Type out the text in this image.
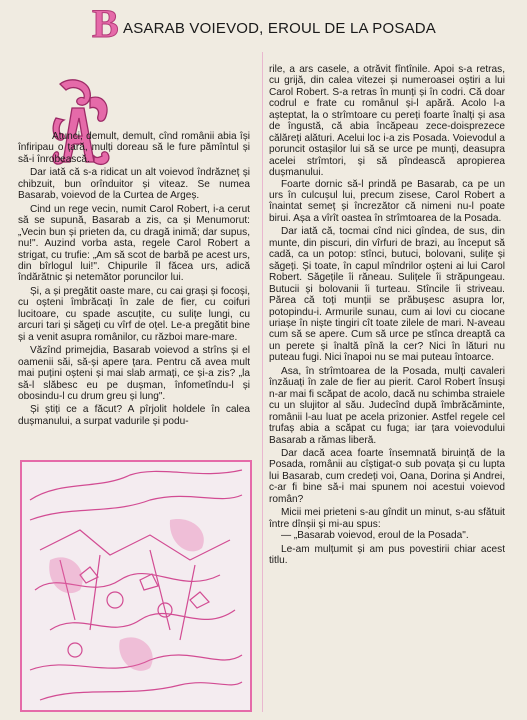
B ASARAB VOIEVOD, EROUL DE LA POSADA

Atunci, demult, demult, cînd românii abia își înfiripau o țară, mulți doreau să le fure pămîntul și să-i înrobească.

Dar iată că s-a ridicat un alt voievod îndrăzneț și chibzuit, bun orînduitor și viteaz. Se numea Basarab, voievod de la Curtea de Argeș.

Cind un rege vecin, numit Carol Robert, i-a cerut să se supună, Basarab a zis, ca și Menumorut: „Vecin bun și prieten da, cu dragă inimă; dar supus, nu!". Auzind vorba asta, regele Carol Robert a strigat, cu trufie: „Am să scot de barbă pe acest urs, din bîrlogul lui!". Chipurile îl făcea urs, adică îndărătnic și netemător poruncilor lui.

Și, a și pregătit oaste mare, cu cai grași și focoși, cu oșteni îmbrăcați în zale de fier, cu coifuri lucitoare, cu spade ascuțite, cu sulițe lungi, cu arcuri tari și săgeți cu vîrf de oțel. Le-a pregătit bine și a venit asupra românilor, cu război mare-mare.

Văzînd primejdia, Basarab voievod a strîns și el oamenii săi, să-și apere țara. Pentru că avea mult mai puțini oșteni și mai slab armați, ce și-a zis? „la să-l slăbesc eu pe dușman, înfometîndu-l și obosindu-l cu drum greu și lung".

Și știți ce a făcut? A pîrjolit holdele în calea dușmanului, a surpat vadurile și podu-

rile, a ars casele, a otrăvit fîntînile. Apoi s-a retras, cu grijă, din calea vitezei și numeroasei oștiri a lui Carol Robert. S-a retras în munți și în codri. Că doar codrul e frate cu românul și-l apără. Acolo l-a așteptat, la o strîmtoare cu pereți foarte înalți și asa de îngustă, că abia încăpeau zece-doisprezece călăreți alături. Acelui loc i-a zis Posada. Voievodul a poruncit ostașilor lui să se urce pe munți, deasupra acelei strîmtori, și să pîndească apropierea dușmanului.

Foarte dornic să-l prindă pe Basarab, ca pe un urs în culcușul lui, precum zisese, Carol Robert a înaintat semeț și încrezător că nimeni nu-l poate birui. Așa a vîrît oastea în strîmtoarea de la Posada.

Dar iată că, tocmai cînd nici gîndea, de sus, din munte, din piscuri, din vîrfuri de brazi, au început să cadă, ca un potop: stînci, butuci, bolovani, sulițe și săgeți. Și toate, în capul mîndrilor oșteni ai lui Carol Robert. Săgețile îi răneau. Sulițele îi străpungeau. Butucii și bolovanii îi turteau. Stîncile îi striveau. Părea că toți munții se prăbușesc asupra lor, potopindu-i. Armurile sunau, cum ai lovi cu ciocane uriașe în niște tingiri cît toate zilele de mari. N-aveau cum să se apere. Cum să urce pe stînca dreaptă ca un perete și înaltă pînă la cer? Nici în lături nu puteau fugi. Nici înapoi nu se mai puteau întoarce.

Asa, în strîmtoarea de la Posada, mulți cavaleri înzăuați în zale de fier au pierit. Carol Robert însuși n-ar mai fi scăpat de acolo, dacă nu schimba straiele cu un slujitor al său. Judecînd după îmbrăcăminte, românii l-au luat pe acela prizonier. Astfel regele cel trufaș abia a scăpat cu fuga; iar țara voievodului Basarab a rămas liberă.

Dar dacă acea foarte însemnată biruință de la Posada, românii au cîștigat-o sub povața și cu lupta lui Basarab, cum credeți voi, Oana, Dorina și Andrei, c-ar fi bine să-i mai spunem noi acestui voievod român?

Micii mei prieteni s-au gîndit un minut, s-au sfătuit între dînșii și mi-au spus:

— „Basarab voievod, eroul de la Posada".

Le-am mulțumit și am pus povestirii chiar acest titlu.
